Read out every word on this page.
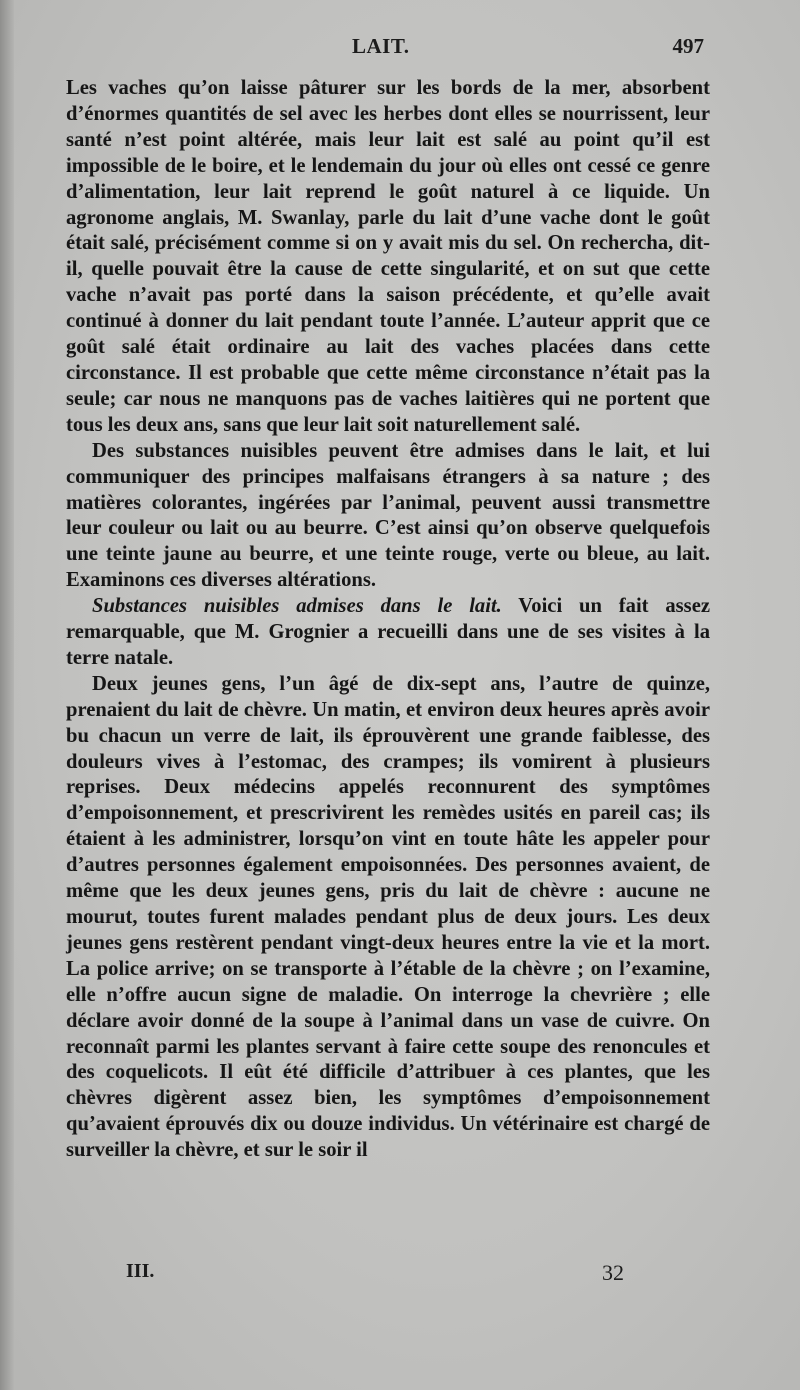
LAIT.	497

Les vaches qu’on laisse pâturer sur les bords de la mer, absorbent d’énormes quantités de sel avec les herbes dont elles se nourrissent, leur santé n’est point altérée, mais leur lait est salé au point qu’il est impossible de le boire, et le lendemain du jour où elles ont cessé ce genre d’alimentation, leur lait reprend le goût naturel à ce liquide. Un agronome anglais, M. Swanlay, parle du lait d’une vache dont le goût était salé, précisément comme si on y avait mis du sel. On rechercha, dit-il, quelle pouvait être la cause de cette singularité, et on sut que cette vache n’avait pas porté dans la saison précédente, et qu’elle avait continué à donner du lait pendant toute l’année. L’auteur apprit que ce goût salé était ordinaire au lait des vaches placées dans cette circonstance. Il est probable que cette même circonstance n’était pas la seule; car nous ne manquons pas de vaches laitières qui ne portent que tous les deux ans, sans que leur lait soit naturellement salé.

Des substances nuisibles peuvent être admises dans le lait, et lui communiquer des principes malfaisans étrangers à sa nature ; des matières colorantes, ingérées par l’animal, peuvent aussi transmettre leur couleur ou lait ou au beurre. C’est ainsi qu’on observe quelquefois une teinte jaune au beurre, et une teinte rouge, verte ou bleue, au lait. Examinons ces diverses altérations.

Substances nuisibles admises dans le lait. Voici un fait assez remarquable, que M. Grognier a recueilli dans une de ses visites à la terre natale.

Deux jeunes gens, l’un âgé de dix-sept ans, l’autre de quinze, prenaient du lait de chèvre. Un matin, et environ deux heures après avoir bu chacun un verre de lait, ils éprouvèrent une grande faiblesse, des douleurs vives à l’estomac, des crampes; ils vomirent à plusieurs reprises. Deux médecins appelés reconnurent des symptômes d’empoisonnement, et prescrivirent les remèdes usités en pareil cas; ils étaient à les administrer, lorsqu’on vint en toute hâte les appeler pour d’autres personnes également empoisonnées. Des personnes avaient, de même que les deux jeunes gens, pris du lait de chèvre : aucune ne mourut, toutes furent malades pendant plus de deux jours. Les deux jeunes gens restèrent pendant vingt-deux heures entre la vie et la mort. La police arrive; on se transporte à l’étable de la chèvre ; on l’examine, elle n’offre aucun signe de maladie. On interroge la chevrière ; elle déclare avoir donné de la soupe à l’animal dans un vase de cuivre. On reconnaît parmi les plantes servant à faire cette soupe des renoncules et des coquelicots. Il eût été difficile d’attribuer à ces plantes, que les chèvres digèrent assez bien, les symptômes d’empoisonnement qu’avaient éprouvés dix ou douze individus. Un vétérinaire est chargé de surveiller la chèvre, et sur le soir il

III.	32
